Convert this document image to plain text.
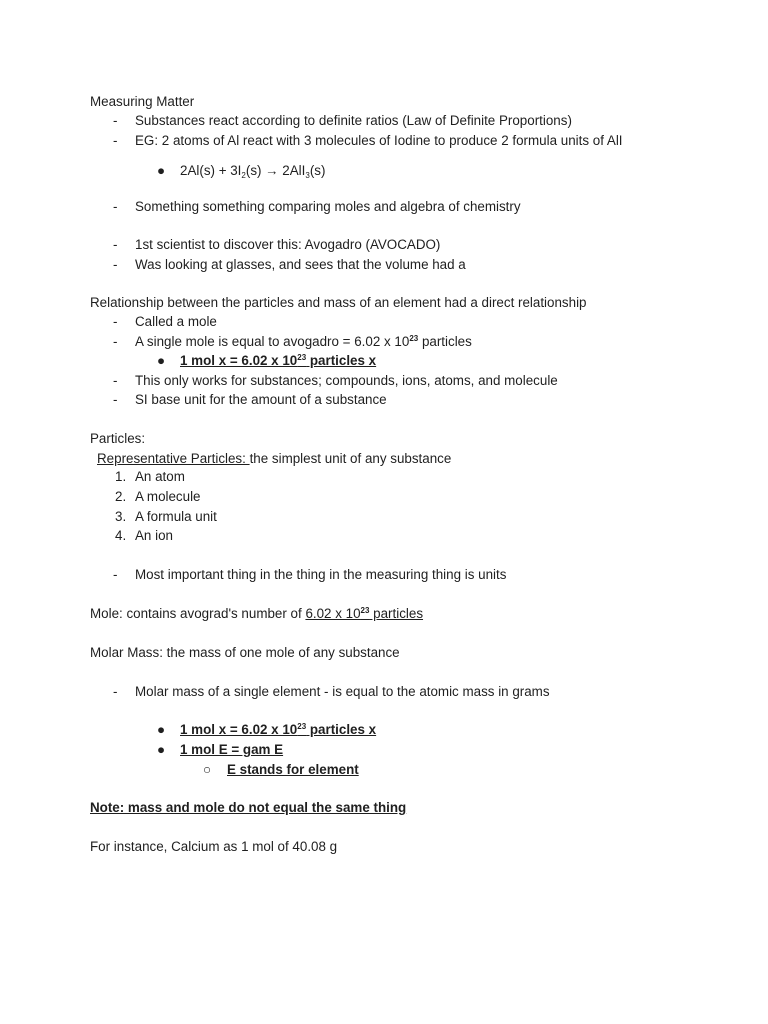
Measuring Matter
- Substances react according to definite ratios (Law of Definite Proportions)
- EG: 2 atoms of Al react with 3 molecules of Iodine to produce 2 formula units of AlI
● $2Al(s) + 3I_2(s) \to 2AlI_3(s)$
- Something something comparing moles and algebra of chemistry
- 1st scientist to discover this: Avogadro (AVOCADO)
- Was looking at glasses, and sees that the volume had a
Relationship between the particles and mass of an element had a direct relationship
- Called a mole
- A single mole is equal to avogadro = 6.02 x $10^{23}$ particles
● 1 mol x = 6.02 x $10^{23}$ particles x
- This only works for substances; compounds, ions, atoms, and molecule
- SI base unit for the amount of a substance
Particles:
Representative Particles: the simplest unit of any substance
1. An atom
2. A molecule
3. A formula unit
4. An ion
- Most important thing in the thing in the measuring thing is units
Mole: contains avograd's number of 6.02 x $10^{23}$ particles
Molar Mass: the mass of one mole of any substance
- Molar mass of a single element - is equal to the atomic mass in grams
● 1 mol x = 6.02 x $10^{23}$ particles x
● 1 mol E = gam E
○ E stands for element
Note: mass and mole do not equal the same thing
For instance, Calcium as 1 mol of 40.08 g
